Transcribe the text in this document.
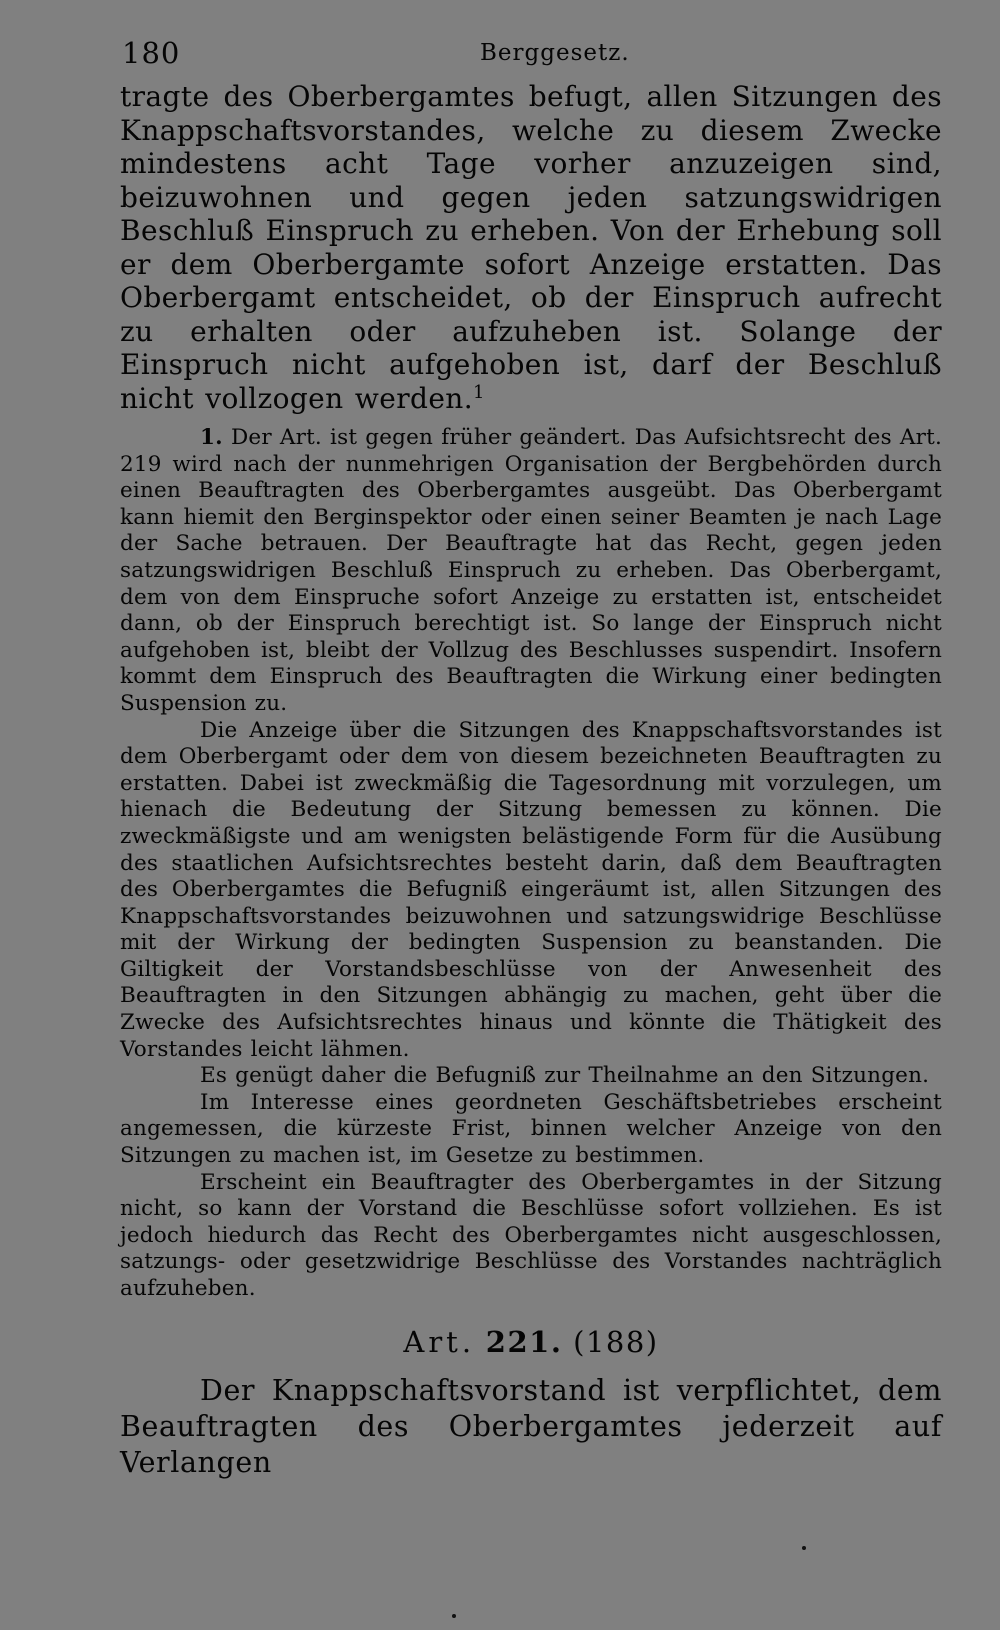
180	Berggesetz.

tragte des Oberbergamtes befugt, allen Sitzungen des Knappschaftsvorstandes, welche zu diesem Zwecke mindestens acht Tage vorher anzuzeigen sind, beizuwohnen und gegen jeden satzungswidrigen Beschluß Einspruch zu erheben. Von der Erhebung soll er dem Oberbergamte sofort Anzeige erstatten. Das Oberbergamt entscheidet, ob der Einspruch aufrecht zu erhalten oder aufzuheben ist. Solange der Einspruch nicht aufgehoben ist, darf der Beschluß nicht vollzogen werden.$^1$

1. Der Art. ist gegen früher geändert. Das Aufsichtsrecht des Art. 219 wird nach der nunmehrigen Organisation der Bergbehörden durch einen Beauftragten des Oberbergamtes ausgeübt. Das Oberbergamt kann hiemit den Berginspektor oder einen seiner Beamten je nach Lage der Sache betrauen. Der Beauftragte hat das Recht, gegen jeden satzungswidrigen Beschluß Einspruch zu erheben. Das Oberbergamt, dem von dem Einspruche sofort Anzeige zu erstatten ist, entscheidet dann, ob der Einspruch berechtigt ist. So lange der Einspruch nicht aufgehoben ist, bleibt der Vollzug des Beschlusses suspendirt. Insofern kommt dem Einspruch des Beauftragten die Wirkung einer bedingten Suspension zu.

Die Anzeige über die Sitzungen des Knappschaftsvorstandes ist dem Oberbergamt oder dem von diesem bezeichneten Beauftragten zu erstatten. Dabei ist zweckmäßig die Tagesordnung mit vorzulegen, um hienach die Bedeutung der Sitzung bemessen zu können. Die zweckmäßigste und am wenigsten belästigende Form für die Ausübung des staatlichen Aufsichtsrechtes besteht darin, daß dem Beauftragten des Oberbergamtes die Befugniß eingeräumt ist, allen Sitzungen des Knappschaftsvorstandes beizuwohnen und satzungswidrige Beschlüsse mit der Wirkung der bedingten Suspension zu beanstanden. Die Giltigkeit der Vorstandsbeschlüsse von der Anwesenheit des Beauftragten in den Sitzungen abhängig zu machen, geht über die Zwecke des Aufsichtsrechtes hinaus und könnte die Thätigkeit des Vorstandes leicht lähmen.

Es genügt daher die Befugniß zur Theilnahme an den Sitzungen.

Im Interesse eines geordneten Geschäftsbetriebes erscheint angemessen, die kürzeste Frist, binnen welcher Anzeige von den Sitzungen zu machen ist, im Gesetze zu bestimmen.

Erscheint ein Beauftragter des Oberbergamtes in der Sitzung nicht, so kann der Vorstand die Beschlüsse sofort vollziehen. Es ist jedoch hiedurch das Recht des Oberbergamtes nicht ausgeschlossen, satzungs- oder gesetzwidrige Beschlüsse des Vorstandes nachträglich aufzuheben.

Art. 221. (188)

Der Knappschaftsvorstand ist verpflichtet, dem Beauftragten des Oberbergamtes jederzeit auf Verlangen
